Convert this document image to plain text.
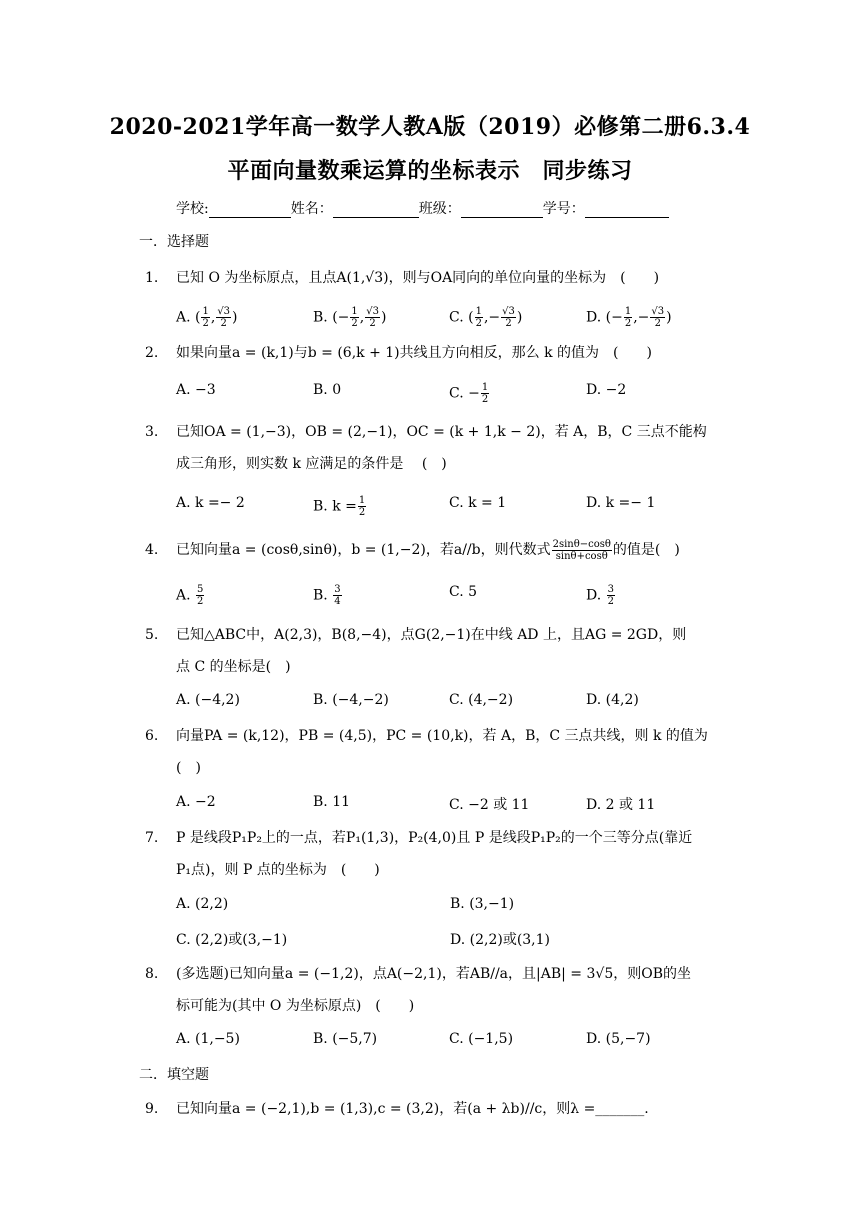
2020-2021学年高一数学人教A版（2019）必修第二册6.3.4
平面向量数乘运算的坐标表示　同步练习
学校:	姓名：	班级：	学号：
一．选择题
1. 已知 O 为坐标原点，且点A(1,√3)，则与OA同向的单位向量的坐标为　(　　)
A. ( $\frac{1}{2}$ , $\frac{√3}{2}$ )	B. (− $\frac{1}{2}$ , $\frac{√3}{2}$ )	C. ( $\frac{1}{2}$ ,− $\frac{√3}{2}$ )	D. (− $\frac{1}{2}$ ,− $\frac{√3}{2}$ )
2. 如果向量a = (k,1)与b = (6,k + 1)共线且方向相反，那么 k 的值为　(　　)
A. −3	B. 0	C. − $\frac{1}{2}$	D. −2
3. 已知OA = (1,−3)，OB = (2,−1)，OC = (k + 1,k − 2)，若 A，B，C 三点不能构
成三角形，则实数 k 应满足的条件是　 (　)
A. k =− 2	B. $k = \frac{1}{2}$	C. k = 1	D. k =− 1
4. 已知向量a = (cosθ,sinθ)，b = (1,−2)，若a//b，则代数式 $\frac{2\sin\theta-\cos\theta}{\sin\theta+\cos\theta}$ 的值是(　)
A. $\frac{5}{2}$	B. $\frac{3}{4}$	C. 5	D. $\frac{3}{2}$
5. 已知△ABC中，A(2,3)，B(8,−4)，点G(2,−1)在中线 AD 上，且AG = 2GD，则
点 C 的坐标是(　)
A. (−4,2)	B. (−4,−2)	C. (4,−2)	D. (4,2)
6. 向量PA = (k,12)，PB = (4,5)，PC = (10,k)，若 A，B，C 三点共线，则 k 的值为
(　)
A. −2	B. 11	C. −2 或 11	D. 2 或 11
7. P 是线段P₁P₂上的一点，若P₁(1,3)，P₂(4,0)且 P 是线段P₁P₂的一个三等分点(靠近
P₁点)，则 P 点的坐标为　(　　)
A. (2,2)	B. (3,−1)
C. (2,2)或(3,−1)	D. (2,2)或(3,1)
8. (多选题)已知向量a = (−1,2)，点A(−2,1)，若AB//a，且|AB| = 3√5，则OB的坐
标可能为(其中 O 为坐标原点)　(　　)
A. (1,−5)	B. (−5,7)	C. (−1,5)	D. (5,−7)
二．填空题
9. 已知向量a = (−2,1),b = (1,3),c = (3,2)，若(a + λb)//c，则λ =_______.
